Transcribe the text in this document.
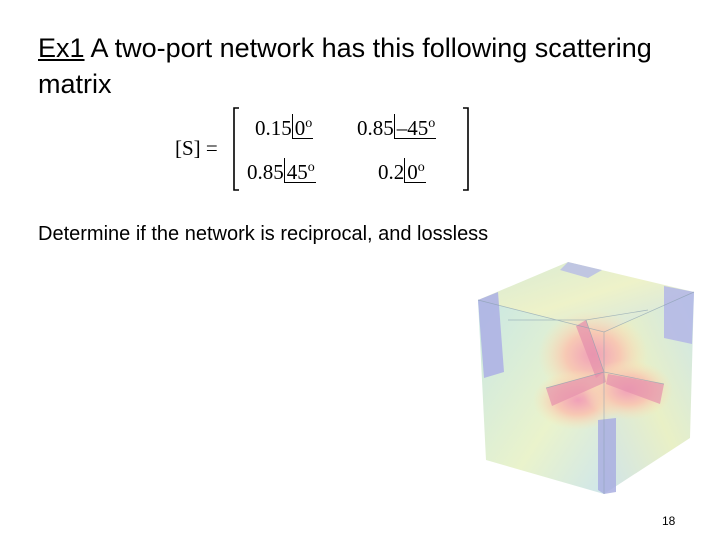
Ex1 A two-port network has this following scattering matrix
[S] =
0.15 0$^o$ 0.85 –45$^o$
0.85 45$^o$	0.2 0$^o$
Determine if the network is reciprocal, and lossless
18
